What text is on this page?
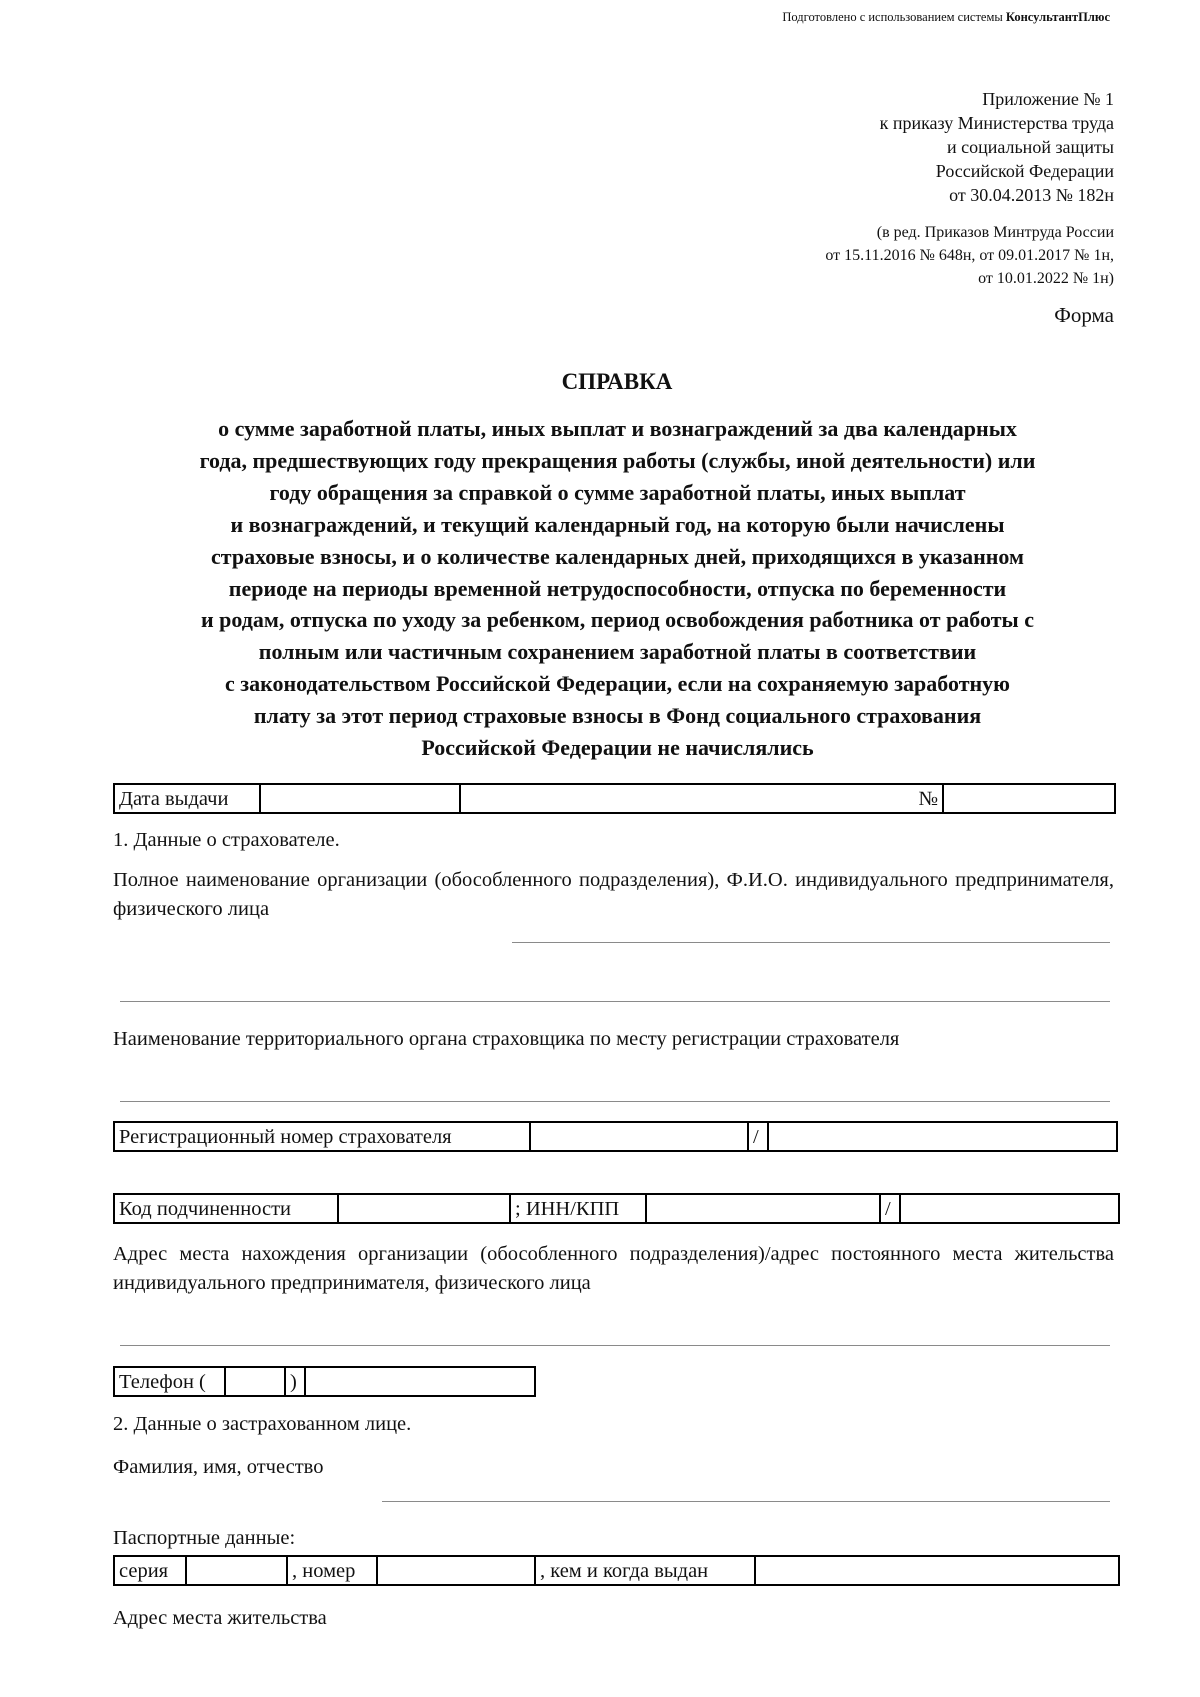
Подготовлено с использованием системы КонсультантПлюс
Приложение № 1
к приказу Министерства труда
и социальной защиты
Российской Федерации
от 30.04.2013 № 182н
(в ред. Приказов Минтруда России
от 15.11.2016 № 648н, от 09.01.2017 № 1н,
от 10.01.2022 № 1н)
Форма
СПРАВКА
о сумме заработной платы, иных выплат и вознаграждений за два календарных
года, предшествующих году прекращения работы (службы, иной деятельности) или
году обращения за справкой о сумме заработной платы, иных выплат
и вознаграждений, и текущий календарный год, на которую были начислены
страховые взносы, и о количестве календарных дней, приходящихся в указанном
периоде на периоды временной нетрудоспособности, отпуска по беременности
и родам, отпуска по уходу за ребенком, период освобождения работника от работы с
полным или частичным сохранением заработной платы в соответствии
с законодательством Российской Федерации, если на сохраняемую заработную
плату за этот период страховые взносы в Фонд социального страхования
Российской Федерации не начислялись
Дата выдачи		№	
1. Данные о страхователе.
Полное наименование организации (обособленного подразделения), Ф.И.О. индивидуального предпринимателя, физического лица
Наименование территориального органа страховщика по месту регистрации страхователя
Регистрационный номер страхователя		/	
Код подчиненности		; ИНН/КПП		/	
Адрес места нахождения организации (обособленного подразделения)/адрес постоянного места жительства индивидуального предпринимателя, физического лица
Телефон (		)	
2. Данные о застрахованном лице.
Фамилия, имя, отчество
Паспортные данные:
серия		, номер		, кем и когда выдан	
Адрес места жительства
